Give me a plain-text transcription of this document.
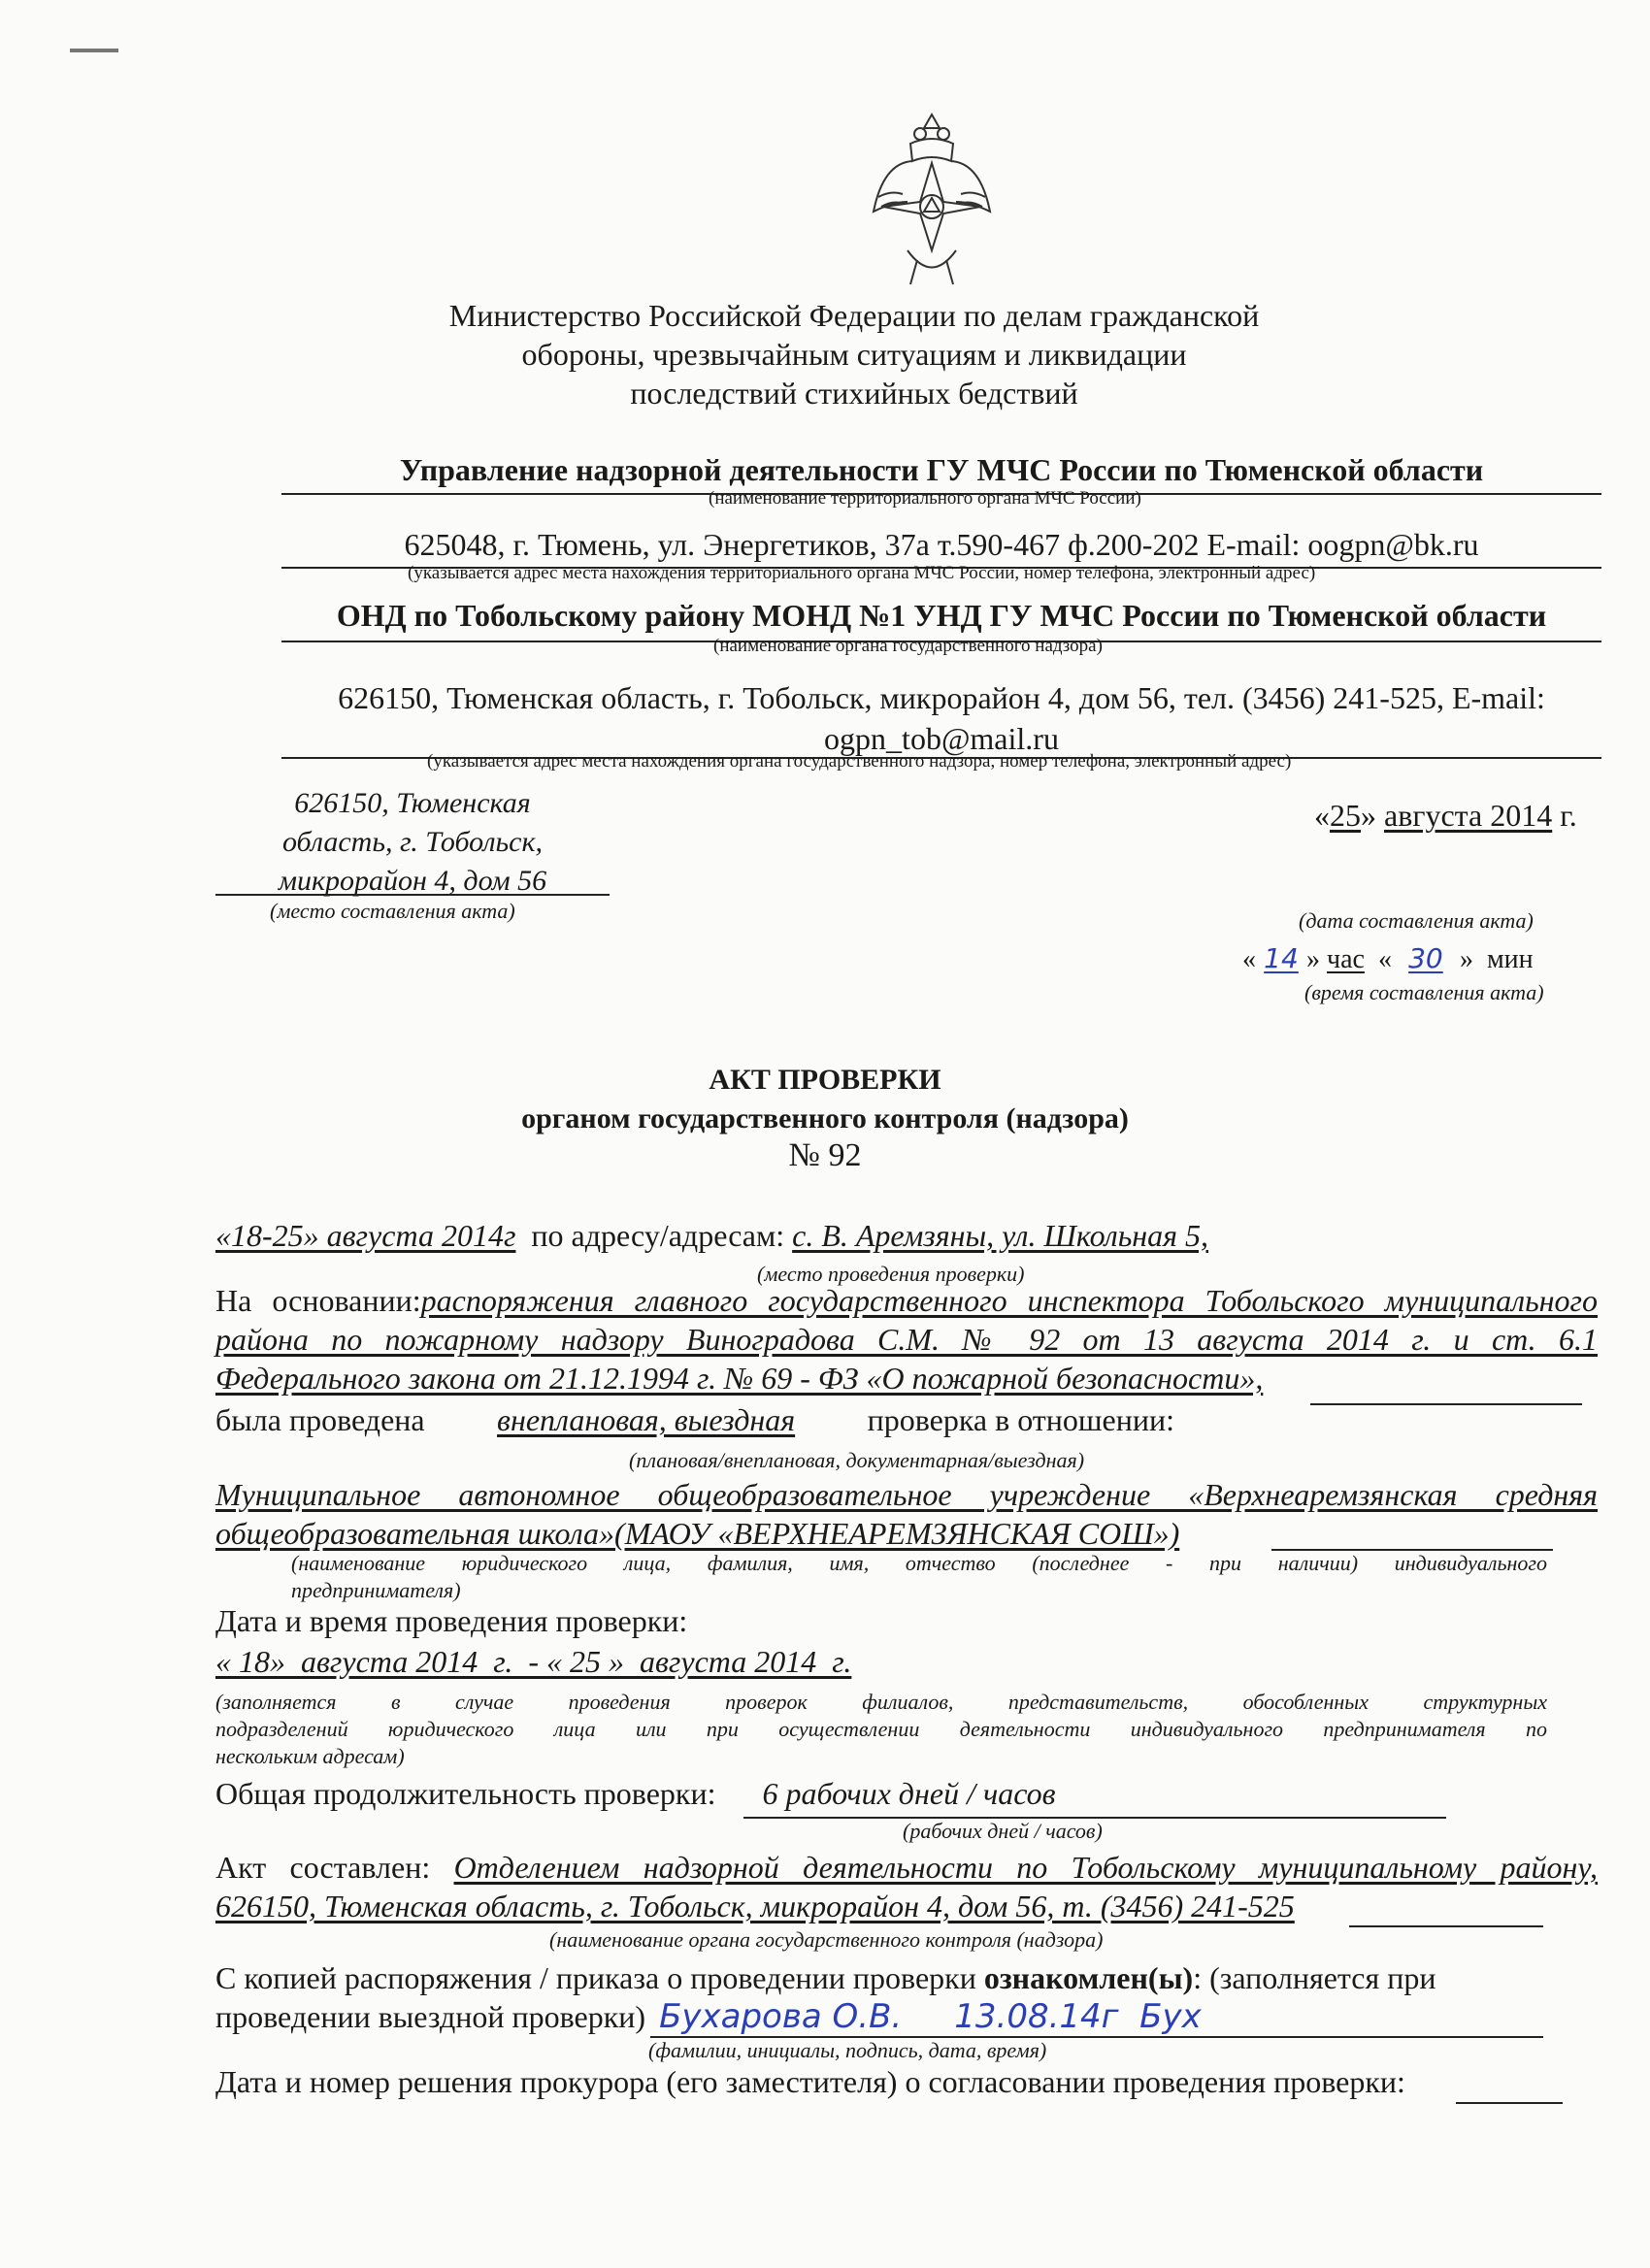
Министерство Российской Федерации по делам гражданской
обороны, чрезвычайным ситуациям и ликвидации
последствий стихийных бедствий
Управление надзорной деятельности ГУ МЧС России по Тюменской области
(наименование территориального органа МЧС России)
625048, г. Тюмень, ул. Энергетиков, 37а т.590-467 ф.200-202 E-mail: oogpn@bk.ru
(указывается адрес места нахождения территориального органа МЧС России, номер телефона, электронный адрес)
ОНД по Тобольскому району МОНД №1 УНД ГУ МЧС России по Тюменской области
(наименование органа государственного надзора)
626150, Тюменская область, г. Тобольск, микрорайон 4, дом 56, тел. (3456) 241-525, E-mail:
ogpn_tob@mail.ru
(указывается адрес места нахождения органа государственного надзора, номер телефона, электронный адрес)
626150, Тюменская
область, г. Тобольск,
микрорайон 4, дом 56
(место составления акта)
«25» августа 2014 г.
(дата составления акта)
« 14 » час « 30 » мин
(время составления акта)
АКТ ПРОВЕРКИ
органом государственного контроля (надзора)
№ 92
«18-25» августа 2014г по адресу/адресам: с. В. Аремзяны, ул. Школьная 5,
(место проведения проверки)
На основании:распоряжения главного государственного инспектора Тобольского муниципального
района по пожарному надзору Виноградова С.М. № 92 от 13 августа 2014 г. и ст. 6.1
Федерального закона от 21.12.1994 г. № 69 - ФЗ «О пожарной безопасности»,
была проведена внеплановая, выездная проверка в отношении:
(плановая/внеплановая, документарная/выездная)
Муниципальное автономное общеобразовательное учреждение «Верхнеаремзянская средняя
общеобразовательная школа»(МАОУ «ВЕРХНЕАРЕМЗЯНСКАЯ СОШ»)
(наименование юридического лица, фамилия, имя, отчество (последнее - при наличии) индивидуального
предпринимателя)
Дата и время проведения проверки:
« 18»  августа 2014  г.  - « 25 »  августа 2014  г.
(заполняется в случае проведения проверок филиалов, представительств, обособленных структурных
подразделений юридического лица или при осуществлении деятельности индивидуального предпринимателя по
нескольким адресам)
Общая продолжительность проверки: 6 рабочих дней / часов
(рабочих дней / часов)
Акт составлен: Отделением надзорной деятельности по Тобольскому муниципальному району,
626150, Тюменская область, г. Тобольск, микрорайон 4, дом 56, т. (3456) 241-525
(наименование органа государственного контроля (надзора)
С копией распоряжения / приказа о проведении проверки ознакомлен(ы): (заполняется при
проведении выездной проверки) Бухарова О.В.     13.08.14г  Бух
(фамилии, инициалы, подпись, дата, время)
Дата и номер решения прокурора (его заместителя) о согласовании проведения проверки:
